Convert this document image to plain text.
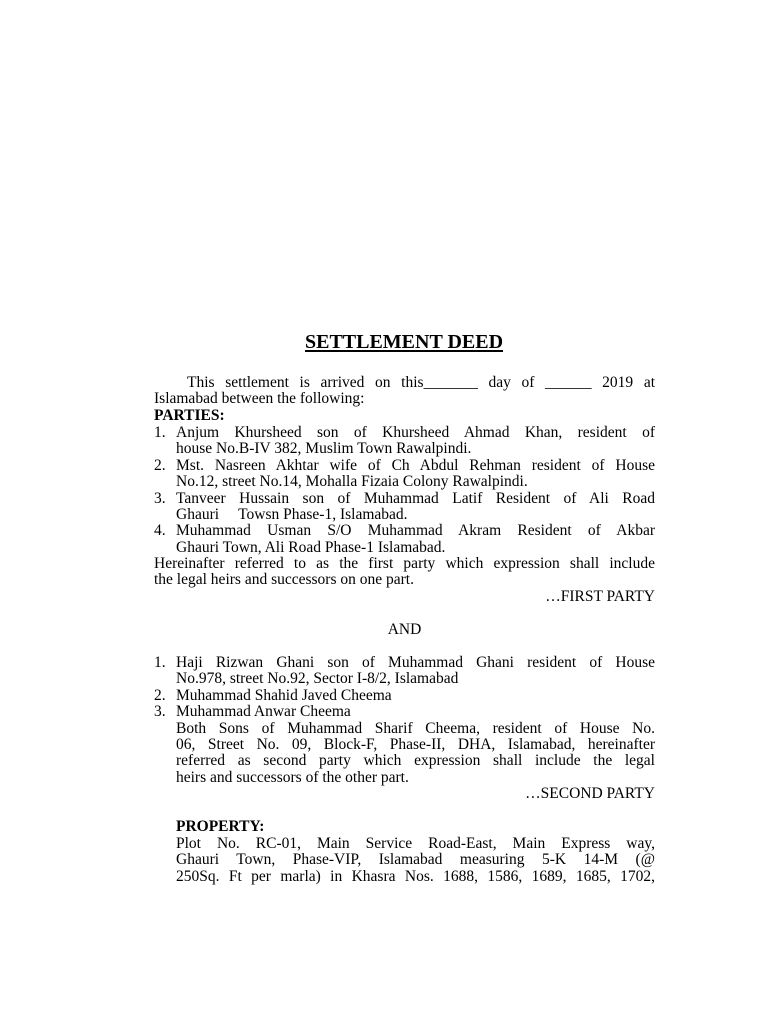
SETTLEMENT DEED
This settlement is arrived on this_______ day of ______ 2019 at
Islamabad between the following:
PARTIES:
1. Anjum Khursheed son of Khursheed Ahmad Khan, resident of
house No.B-IV 382, Muslim Town Rawalpindi.
2. Mst. Nasreen Akhtar wife of Ch Abdul Rehman resident of House
No.12, street No.14, Mohalla Fizaia Colony Rawalpindi.
3. Tanveer Hussain son of Muhammad Latif Resident of Ali Road
Ghauri     Towsn Phase-1, Islamabad.
4. Muhammad Usman S/O Muhammad Akram Resident of Akbar
Ghauri Town, Ali Road Phase-1 Islamabad.
Hereinafter referred to as the first party which expression shall include
the legal heirs and successors on one part.
…FIRST PARTY
AND
1. Haji Rizwan Ghani son of Muhammad Ghani resident of House
No.978, street No.92, Sector I-8/2, Islamabad
2. Muhammad Shahid Javed Cheema
3. Muhammad Anwar Cheema
Both Sons of Muhammad Sharif Cheema, resident of House No.
06, Street No. 09, Block-F, Phase-II, DHA, Islamabad, hereinafter
referred as second party which expression shall include the legal
heirs and successors of the other part.
…SECOND PARTY
PROPERTY:
Plot No. RC-01, Main Service Road-East, Main Express way,
Ghauri Town, Phase-VIP, Islamabad measuring 5-K 14-M (@
250Sq. Ft per marla) in Khasra Nos. 1688, 1586, 1689, 1685, 1702,
